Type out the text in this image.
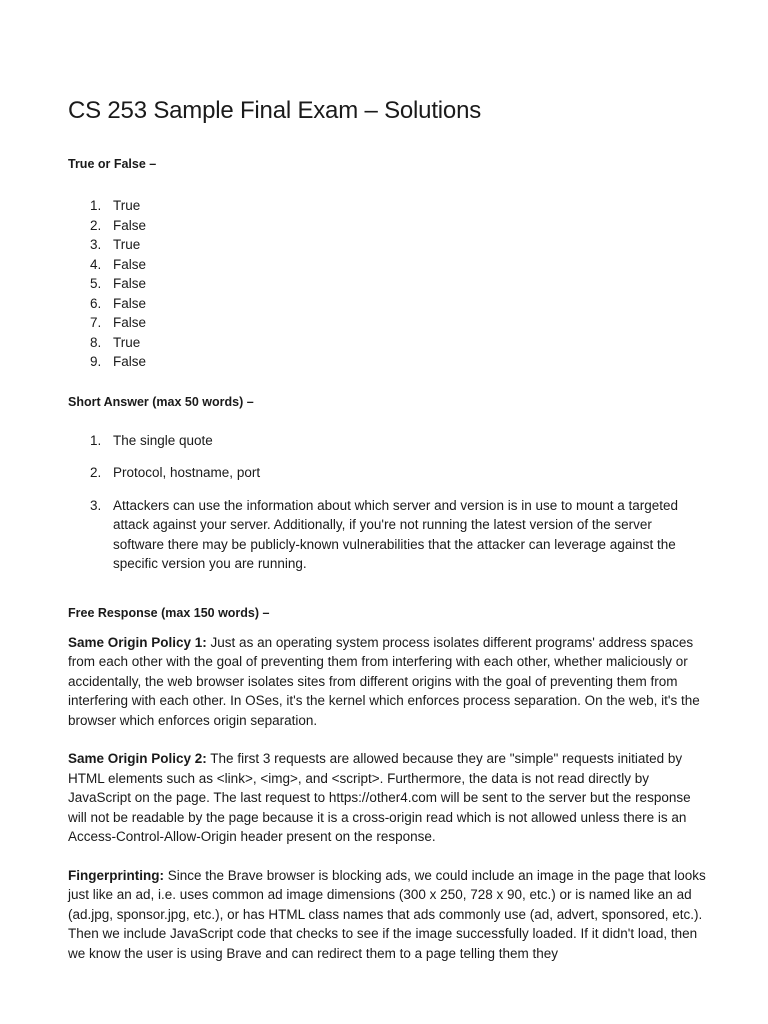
CS 253 Sample Final Exam – Solutions
True or False –
1. True
2. False
3. True
4. False
5. False
6. False
7. False
8. True
9. False
Short Answer (max 50 words) –
1. The single quote
2. Protocol, hostname, port
3. Attackers can use the information about which server and version is in use to mount a targeted attack against your server. Additionally, if you're not running the latest version of the server software there may be publicly-known vulnerabilities that the attacker can leverage against the specific version you are running.
Free Response (max 150 words) –

Same Origin Policy 1: Just as an operating system process isolates different programs' address spaces from each other with the goal of preventing them from interfering with each other, whether maliciously or accidentally, the web browser isolates sites from different origins with the goal of preventing them from interfering with each other. In OSes, it's the kernel which enforces process separation. On the web, it's the browser which enforces origin separation.

Same Origin Policy 2: The first 3 requests are allowed because they are "simple" requests initiated by HTML elements such as <link>, <img>, and <script>. Furthermore, the data is not read directly by JavaScript on the page. The last request to https://other4.com will be sent to the server but the response will not be readable by the page because it is a cross-origin read which is not allowed unless there is an Access-Control-Allow-Origin header present on the response.

Fingerprinting: Since the Brave browser is blocking ads, we could include an image in the page that looks just like an ad, i.e. uses common ad image dimensions (300 x 250, 728 x 90, etc.) or is named like an ad (ad.jpg, sponsor.jpg, etc.), or has HTML class names that ads commonly use (ad, advert, sponsored, etc.). Then we include JavaScript code that checks to see if the image successfully loaded. If it didn't load, then we know the user is using Brave and can redirect them to a page telling them they
